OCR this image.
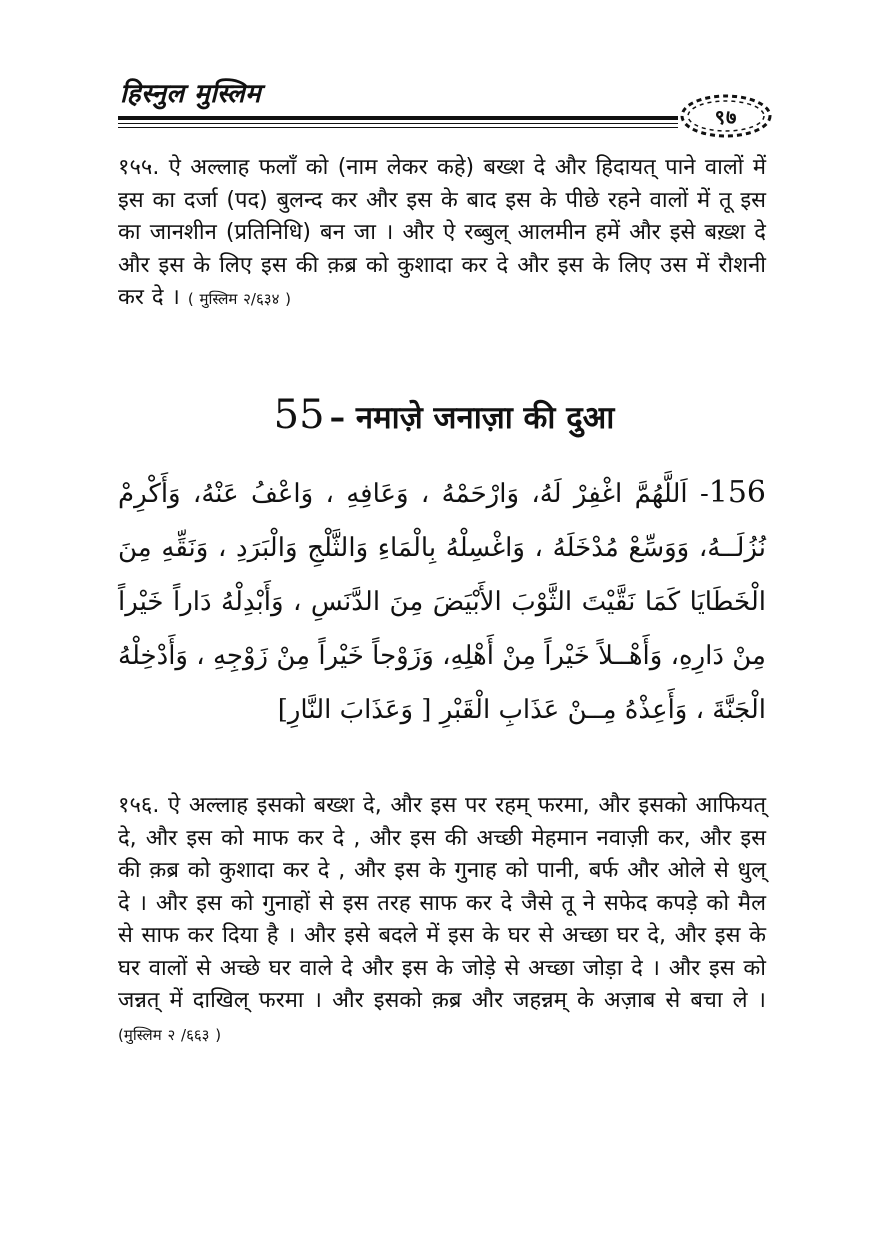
हिस्नुल मुस्लिम
९७
१५५. ऐ अल्लाह फलाँ को (नाम लेकर कहे) बख्श दे और हिदायत् पाने वालों में इस का दर्जा (पद) बुलन्द कर और इस के बाद इस के पीछे रहने वालों में तू इस का जानशीन (प्रतिनिधि) बन जा । और ऐ रब्बुल् आलमीन हमें और इसे बख़्श दे और इस के लिए इस की क़ब्र को कुशादा कर दे और इस के लिए उस में रौशनी कर दे । ( मुस्लिम २/६३४ )
55 – नमाज़े जनाज़ा की दुआ
156- اَللَّهُمَّ اغْفِرْ لَهُ، وَارْحَمْهُ ، وَعَافِهِ ، وَاعْفُ عَنْهُ، وَأَكْرِمْ نُزُلَــهُ، وَوَسِّعْ مُدْخَلَهُ ، وَاغْسِلْهُ بِالْمَاءِ وَالثَّلْجِ وَالْبَرَدِ ، وَنَقِّهِ مِنَ الْخَطَايَا كَمَا نَقَّيْتَ الثَّوْبَ الأَبْيَضَ مِنَ الدَّنَسِ ، وَأَبْدِلْهُ دَاراً خَيْراً مِنْ دَارِهِ، وَأَهْــلاً خَيْراً مِنْ أَهْلِهِ، وَزَوْجاً خَيْراً مِنْ زَوْجِهِ ، وَأَدْخِلْهُ الْجَنَّةَ ، وَأَعِذْهُ مِــنْ عَذَابِ الْقَبْرِ [ وَعَذَابَ النَّارِ]
१५६. ऐ अल्लाह इसको बख्श दे, और इस पर रहम् फरमा, और इसको आफियत् दे, और इस को माफ कर दे , और इस की अच्छी मेहमान नवाज़ी कर, और इस की क़ब्र को कुशादा कर दे , और इस के गुनाह को पानी, बर्फ और ओले से धुल् दे । और इस को गुनाहों से इस तरह साफ कर दे जैसे तू ने सफेद कपड़े को मैल से साफ कर दिया है । और इसे बदले में इस के घर से अच्छा घर दे, और इस के घर वालों से अच्छे घर वाले दे और इस के जोड़े से अच्छा जोड़ा दे । और इस को जन्नत् में दाखिल् फरमा । और इसको क़ब्र और जहन्नम् के अज़ाब से बचा ले । (मुस्लिम २ /६६३ )
